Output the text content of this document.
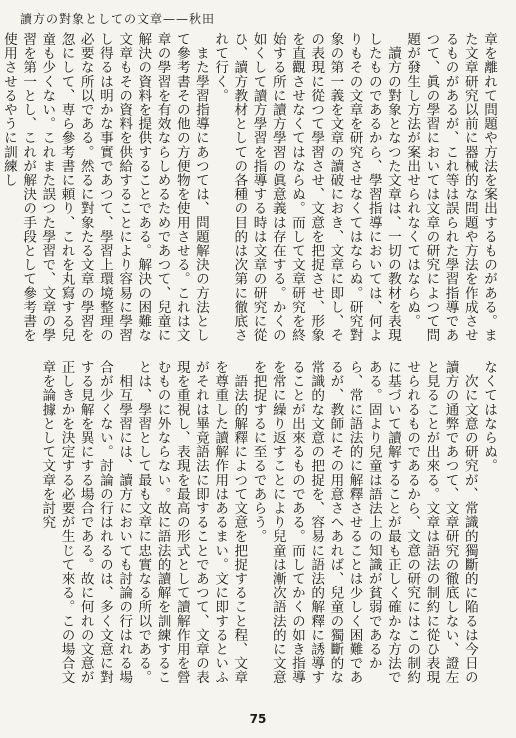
讀方の對象としての文章——秋田
章を離れて問題や方法を案出するものがある。また文章研究以前に器械的な問題や方法を作成させるものがあるが、これ等は誤られた學習指導であつて、眞の學習においては文章の研究によつて問題が發生し方法が案出せられなくてはならぬ。
　讀方の對象となつた文章は、一切の教材を表現したものであるから、學習指導においては、何よりもその文章を研究させなくてはならぬ。研究對象の第一義を文章の讀破におき、文章に即し、その表現に從つて學習させ、文意を把捉させ、形象を直觀させなくてはならぬ。而して文章研究を終始する所に讀方學習の眞意義は存在する。かくの如くして讀方學習を指導する時は文章の研究に從ひ、讀方教材としての各種の目的は次第に徹底されて行く。
　また學習指導にあつては、問題解決の方法として參考書その他の方便物を使用させる。これは文章の學習を有效ならしめるためであつて、兒童に解決の資料を提供することである。解決の困難な文章もその資料を供給することにより容易に學習し得るは明かな事實であつて、學習上環境整理の必要な所以である。然るに對象たる文章の學習を忽にして、専ら參考書に頼り、これを丸寫する兒童も少くない。これまた誤つた學習で、文章の學習を第一とし、これが解決の手段として參考書を使用させるやうに訓練し
なくてはならぬ。
　次に文意の研究が、常識的獨斷的に陥るは今日の讀方の通弊であつて、文章研究の徹底しない、證左と見ることが出來る。文章は語法の制約に從ひ表現せられるものであるから、文意の研究にはこの制約に基づいて讀解することが最も正しく確かな方法である。固より兒童は語法上の知識が貧弱であるから、常に語法的に解釋させることは少しく困難であるが、教師にその用意さへあれば、兒童の獨斷的な常識的な文意の把捉を、容易に語法的解釋に誘導することが出來るものである。而してかくの如き指導を常に繰り返すことにより兒童は漸次語法的に文意を把捉するに至るであらう。
　語法的解釋によつて文意を把捉すること程、文章を尊重した讀解作用はあるまい。文に即するといふがそれは畢竟語法に即することであつて、文章の表現を重視し、表現を最高の形式として讀解作用を營むものに外ならない。故に語法的讀解を訓練することは、學習として最も文章に忠實なる所以である。
　相互學習には、讀方においても討論の行はれる場合が少くない。討論の行はれるのは、多く文意に對する見解を異にする場合である。故に何れの文意が正しきかを決定する必要が生じて來る。この場合文章を論據として文章を討究
75
